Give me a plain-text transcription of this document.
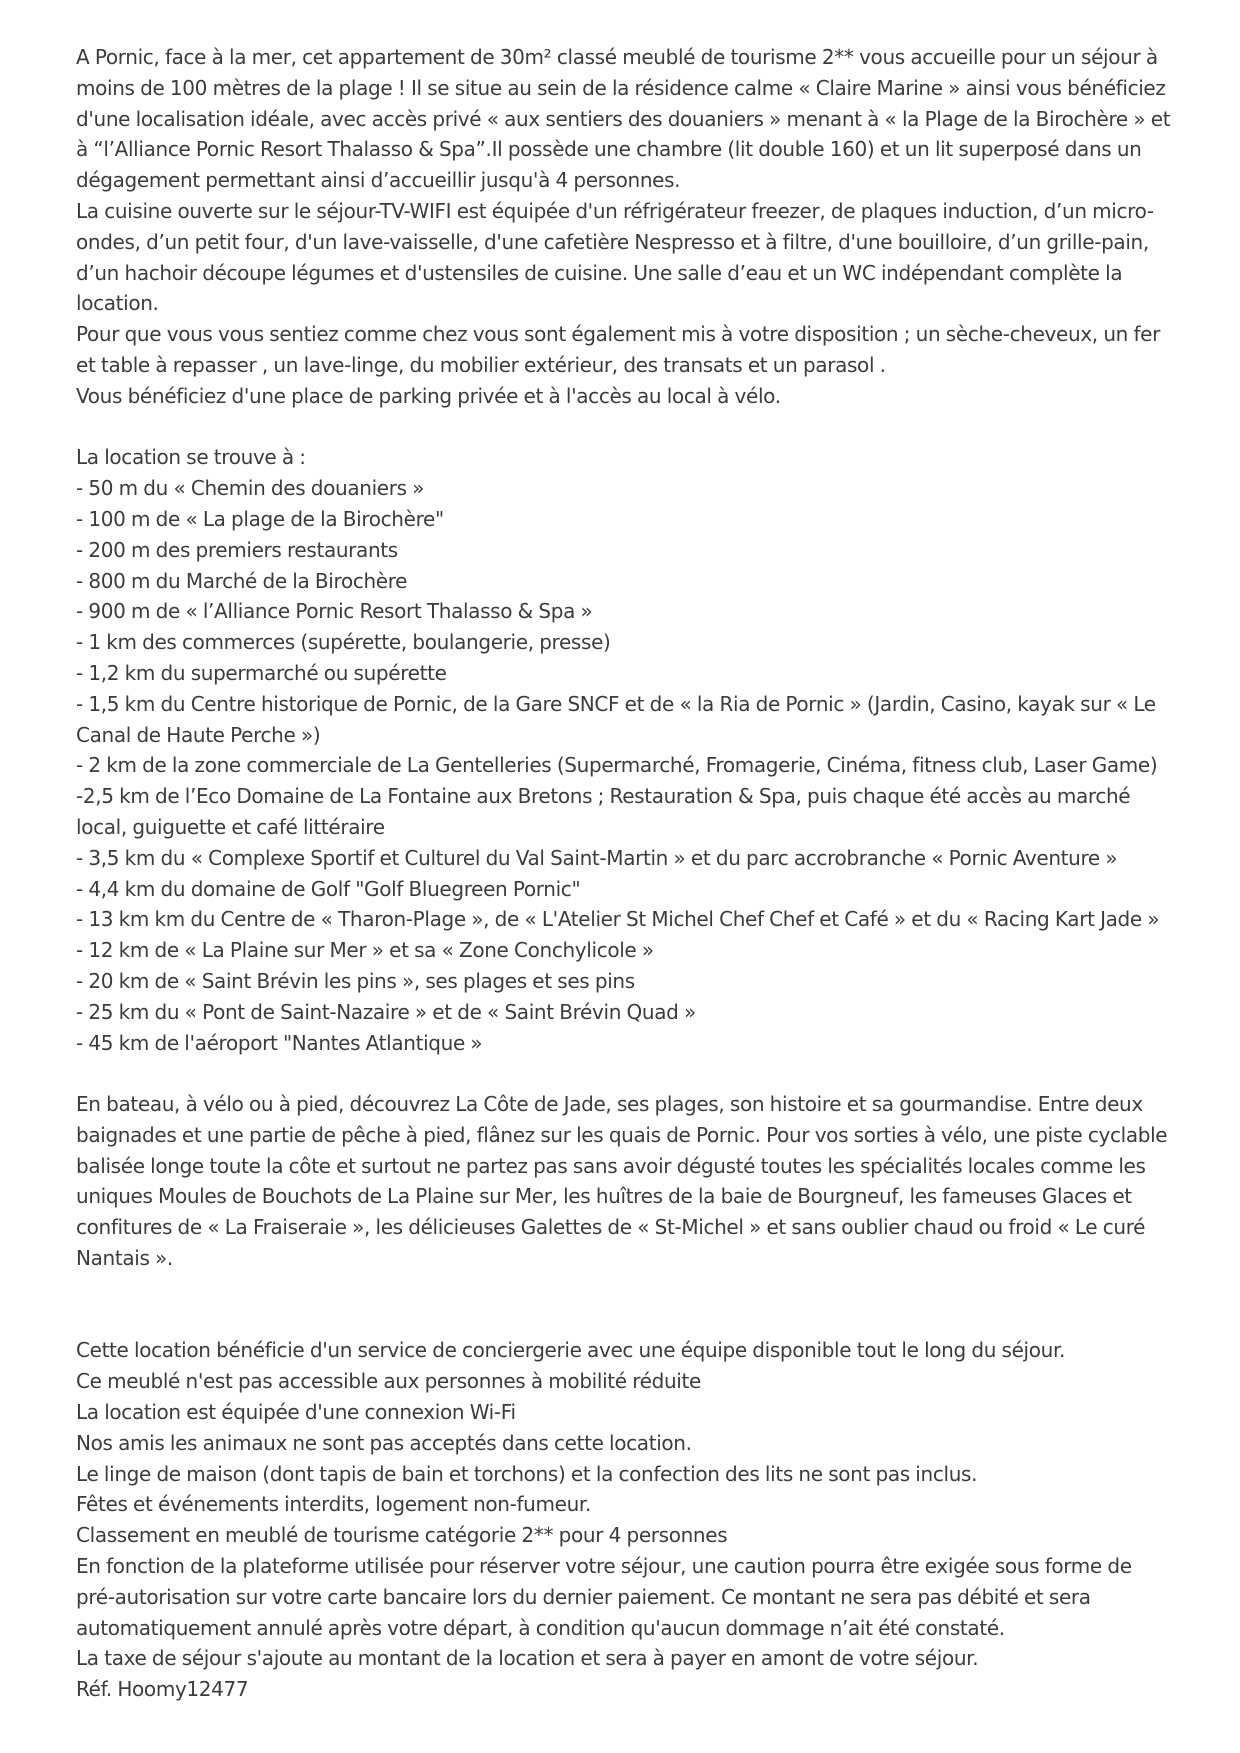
A Pornic, face à la mer, cet appartement de 30m² classé meublé de tourisme 2** vous accueille pour un séjour à moins de 100 mètres de la plage ! Il se situe au sein de la résidence calme « Claire Marine » ainsi vous bénéficiez d'une localisation idéale, avec accès privé « aux sentiers des douaniers » menant à « la Plage de la Birochère » et à “l’Alliance Pornic Resort Thalasso & Spa”.Il possède une chambre (lit double 160) et un lit superposé dans un dégagement permettant ainsi d’accueillir jusqu'à 4 personnes.

La cuisine ouverte sur le séjour-TV-WIFI est équipée d'un réfrigérateur freezer, de plaques induction, d’un micro-ondes, d’un petit four, d'un lave-vaisselle, d'une cafetière Nespresso et à filtre, d'une bouilloire, d’un grille-pain, d’un hachoir découpe légumes et d'ustensiles de cuisine. Une salle d’eau et un WC indépendant complète la location.

Pour que vous vous sentiez comme chez vous sont également mis à votre disposition ; un sèche-cheveux, un fer et table à repasser , un lave-linge, du mobilier extérieur, des transats et un parasol .

Vous bénéficiez d'une place de parking privée et à l'accès au local à vélo.

La location se trouve à :

- 50 m du « Chemin des douaniers »

- 100 m de « La plage de la Birochère"

- 200 m des premiers restaurants

- 800 m du Marché de la Birochère

- 900 m de « l’Alliance Pornic Resort Thalasso & Spa »

- 1 km des commerces (supérette, boulangerie, presse)

- 1,2 km du supermarché ou supérette

- 1,5 km du Centre historique de Pornic, de la Gare SNCF et de « la Ria de Pornic » (Jardin, Casino, kayak sur « Le Canal de Haute Perche »)

- 2 km de la zone commerciale de La Gentelleries (Supermarché, Fromagerie, Cinéma, fitness club, Laser Game)

-2,5 km de l’Eco Domaine de La Fontaine aux Bretons ; Restauration & Spa, puis chaque été accès au marché local, guiguette et café littéraire

- 3,5 km du « Complexe Sportif et Culturel du Val Saint-Martin » et du parc accrobranche « Pornic Aventure »

- 4,4 km du domaine de Golf "Golf Bluegreen Pornic"

- 13 km km du Centre de « Tharon-Plage », de « L'Atelier St Michel Chef Chef et Café » et du « Racing Kart Jade »

- 12 km de « La Plaine sur Mer » et sa « Zone Conchylicole »

- 20 km de « Saint Brévin les pins », ses plages et ses pins

- 25 km du « Pont de Saint-Nazaire » et de « Saint Brévin Quad »

- 45 km de l'aéroport "Nantes Atlantique »

En bateau, à vélo ou à pied, découvrez La Côte de Jade, ses plages, son histoire et sa gourmandise. Entre deux baignades et une partie de pêche à pied, flânez sur les quais de Pornic. Pour vos sorties à vélo, une piste cyclable balisée longe toute la côte et surtout ne partez pas sans avoir dégusté toutes les spécialités locales comme les uniques Moules de Bouchots de La Plaine sur Mer, les huîtres de la baie de Bourgneuf, les fameuses Glaces et confitures de « La Fraiseraie », les délicieuses Galettes de « St-Michel » et sans oublier chaud ou froid « Le curé Nantais ».

Cette location bénéficie d'un service de conciergerie avec une équipe disponible tout le long du séjour.

Ce meublé n'est pas accessible aux personnes à mobilité réduite

La location est équipée d'une connexion Wi-Fi

Nos amis les animaux ne sont pas acceptés dans cette location.

Le linge de maison (dont tapis de bain et torchons) et la confection des lits ne sont pas inclus.

Fêtes et événements interdits, logement non-fumeur.

Classement en meublé de tourisme catégorie 2** pour 4 personnes

En fonction de la plateforme utilisée pour réserver votre séjour, une caution pourra être exigée sous forme de pré-autorisation sur votre carte bancaire lors du dernier paiement. Ce montant ne sera pas débité et sera automatiquement annulé après votre départ, à condition qu'aucun dommage n’ait été constaté.

La taxe de séjour s'ajoute au montant de la location et sera à payer en amont de votre séjour.

Réf. Hoomy12477
